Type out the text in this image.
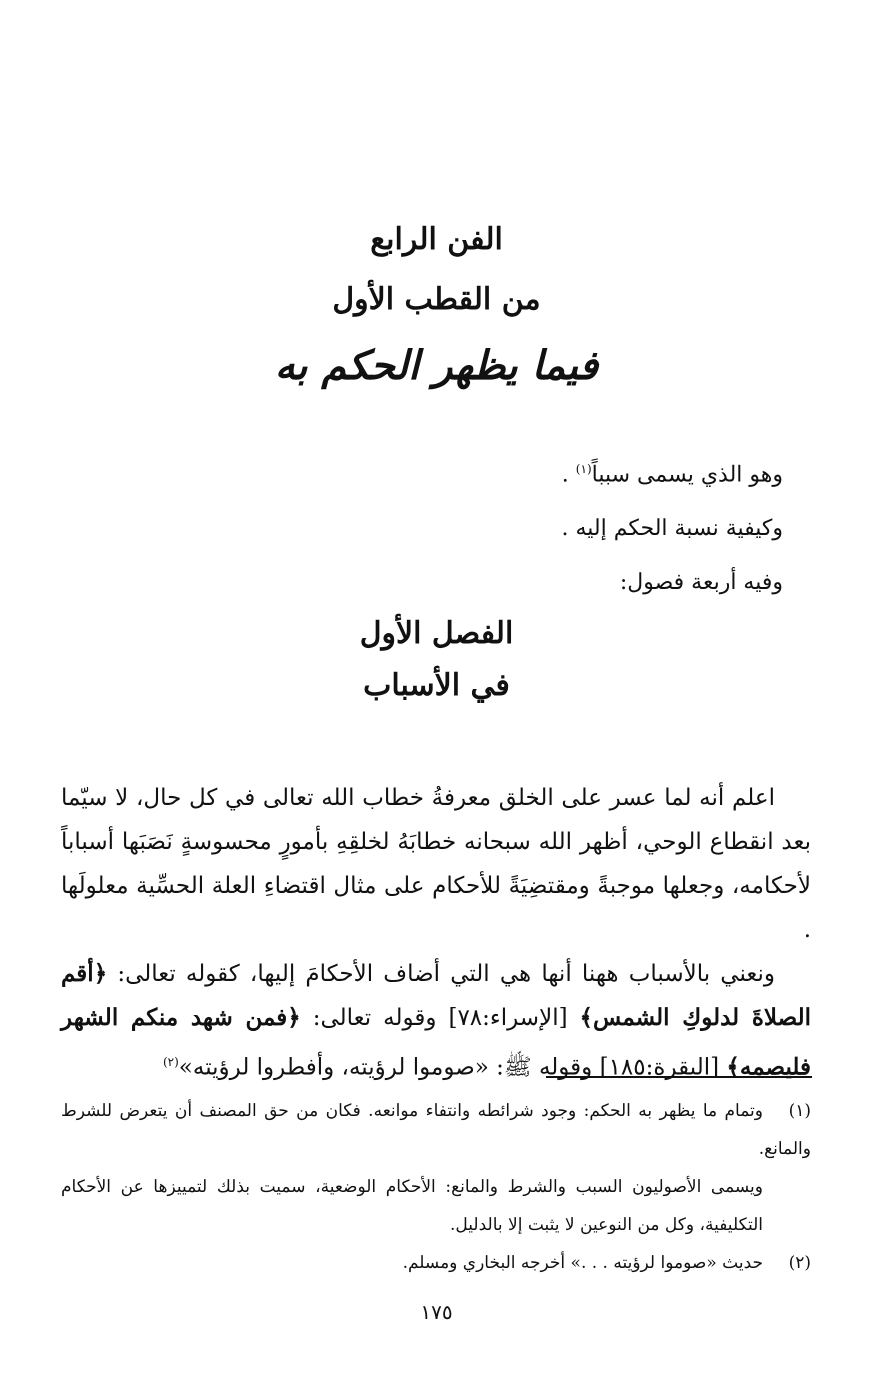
الفن الرابع
من القطب الأول
فيما يظهر الحكم به
وهو الذي يسمى سبباً$^{(١)}$ .
وكيفية نسبة الحكم إليه .
وفيه أربعة فصول:
الفصل الأول
في الأسباب

اعلم أنه لما عسر على الخلق معرفةُ خطاب الله تعالى في كل حال، لا سيّما بعد انقطاع الوحي، أظهر الله سبحانه خطابَهُ لخلقِهِ بأمورٍ محسوسةٍ نَصَبَها أسباباً لأحكامه، وجعلها موجبةً ومقتضِيَةً للأحكام على مثال اقتضاءِ العلة الحسِّية معلولَها .

ونعني بالأسباب ههنا أنها هي التي أضاف الأحكامَ إليها، كقوله تعالى: ﴿أقم الصلاةَ لدلوكِ الشمس﴾ [الإسراء:٧٨] وقوله تعالى: ﴿فمن شهد منكم الشهر فليصمه﴾ [البقرة:١٨٥] وقوله ﷺ: «صوموا لرؤيته، وأفطروا لرؤيته»$^{(٢)}$

(١)وتمام ما يظهر به الحكم: وجود شرائطه وانتفاء موانعه. فكان من حق المصنف أن يتعرض للشرط والمانع.
ويسمى الأصوليون السبب والشرط والمانع: الأحكام الوضعية، سميت بذلك لتمييزها عن الأحكام التكليفية، وكل من النوعين لا يثبت إلا بالدليل.
(٢)حديث «صوموا لرؤيته . . .» أخرجه البخاري ومسلم.
١٧٥
